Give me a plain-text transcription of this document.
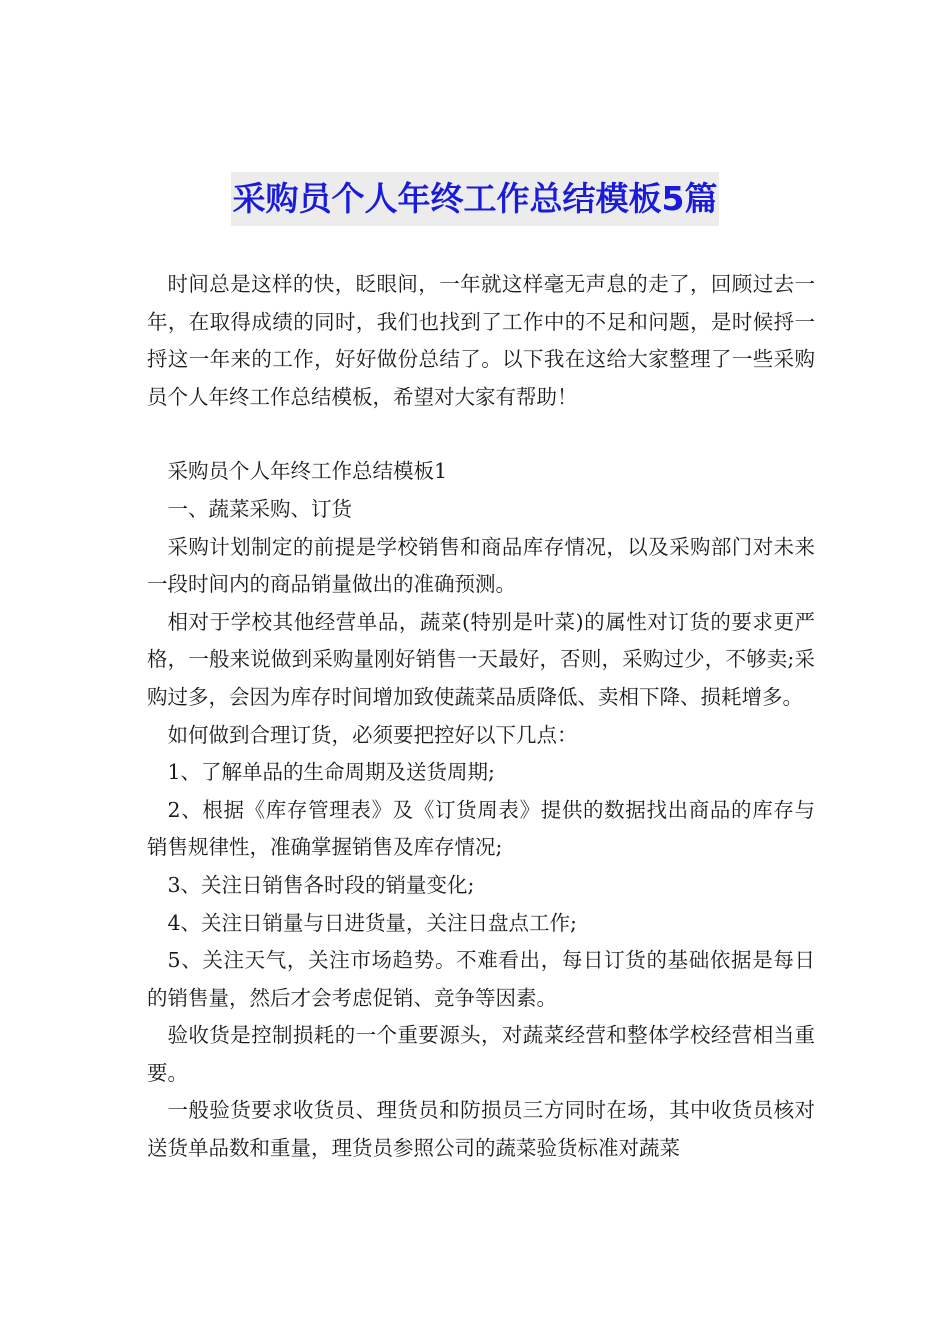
采购员个人年终工作总结模板5篇

时间总是这样的快，眨眼间，一年就这样毫无声息的走了，回顾过去一年，在取得成绩的同时，我们也找到了工作中的不足和问题，是时候捋一捋这一年来的工作，好好做份总结了。以下我在这给大家整理了一些采购员个人年终工作总结模板，希望对大家有帮助！

采购员个人年终工作总结模板1

一、蔬菜采购、订货

采购计划制定的前提是学校销售和商品库存情况，以及采购部门对未来一段时间内的商品销量做出的准确预测。

相对于学校其他经营单品，蔬菜(特别是叶菜)的属性对订货的要求更严格，一般来说做到采购量刚好销售一天最好，否则，采购过少，不够卖;采购过多，会因为库存时间增加致使蔬菜品质降低、卖相下降、损耗增多。

如何做到合理订货，必须要把控好以下几点：

1、了解单品的生命周期及送货周期;

2、根据《库存管理表》及《订货周表》提供的数据找出商品的库存与销售规律性，准确掌握销售及库存情况;

3、关注日销售各时段的销量变化;

4、关注日销量与日进货量，关注日盘点工作;

5、关注天气，关注市场趋势。不难看出，每日订货的基础依据是每日的销售量，然后才会考虑促销、竞争等因素。

验收货是控制损耗的一个重要源头，对蔬菜经营和整体学校经营相当重要。

一般验货要求收货员、理货员和防损员三方同时在场，其中收货员核对送货单品数和重量，理货员参照公司的蔬菜验货标准对蔬菜
